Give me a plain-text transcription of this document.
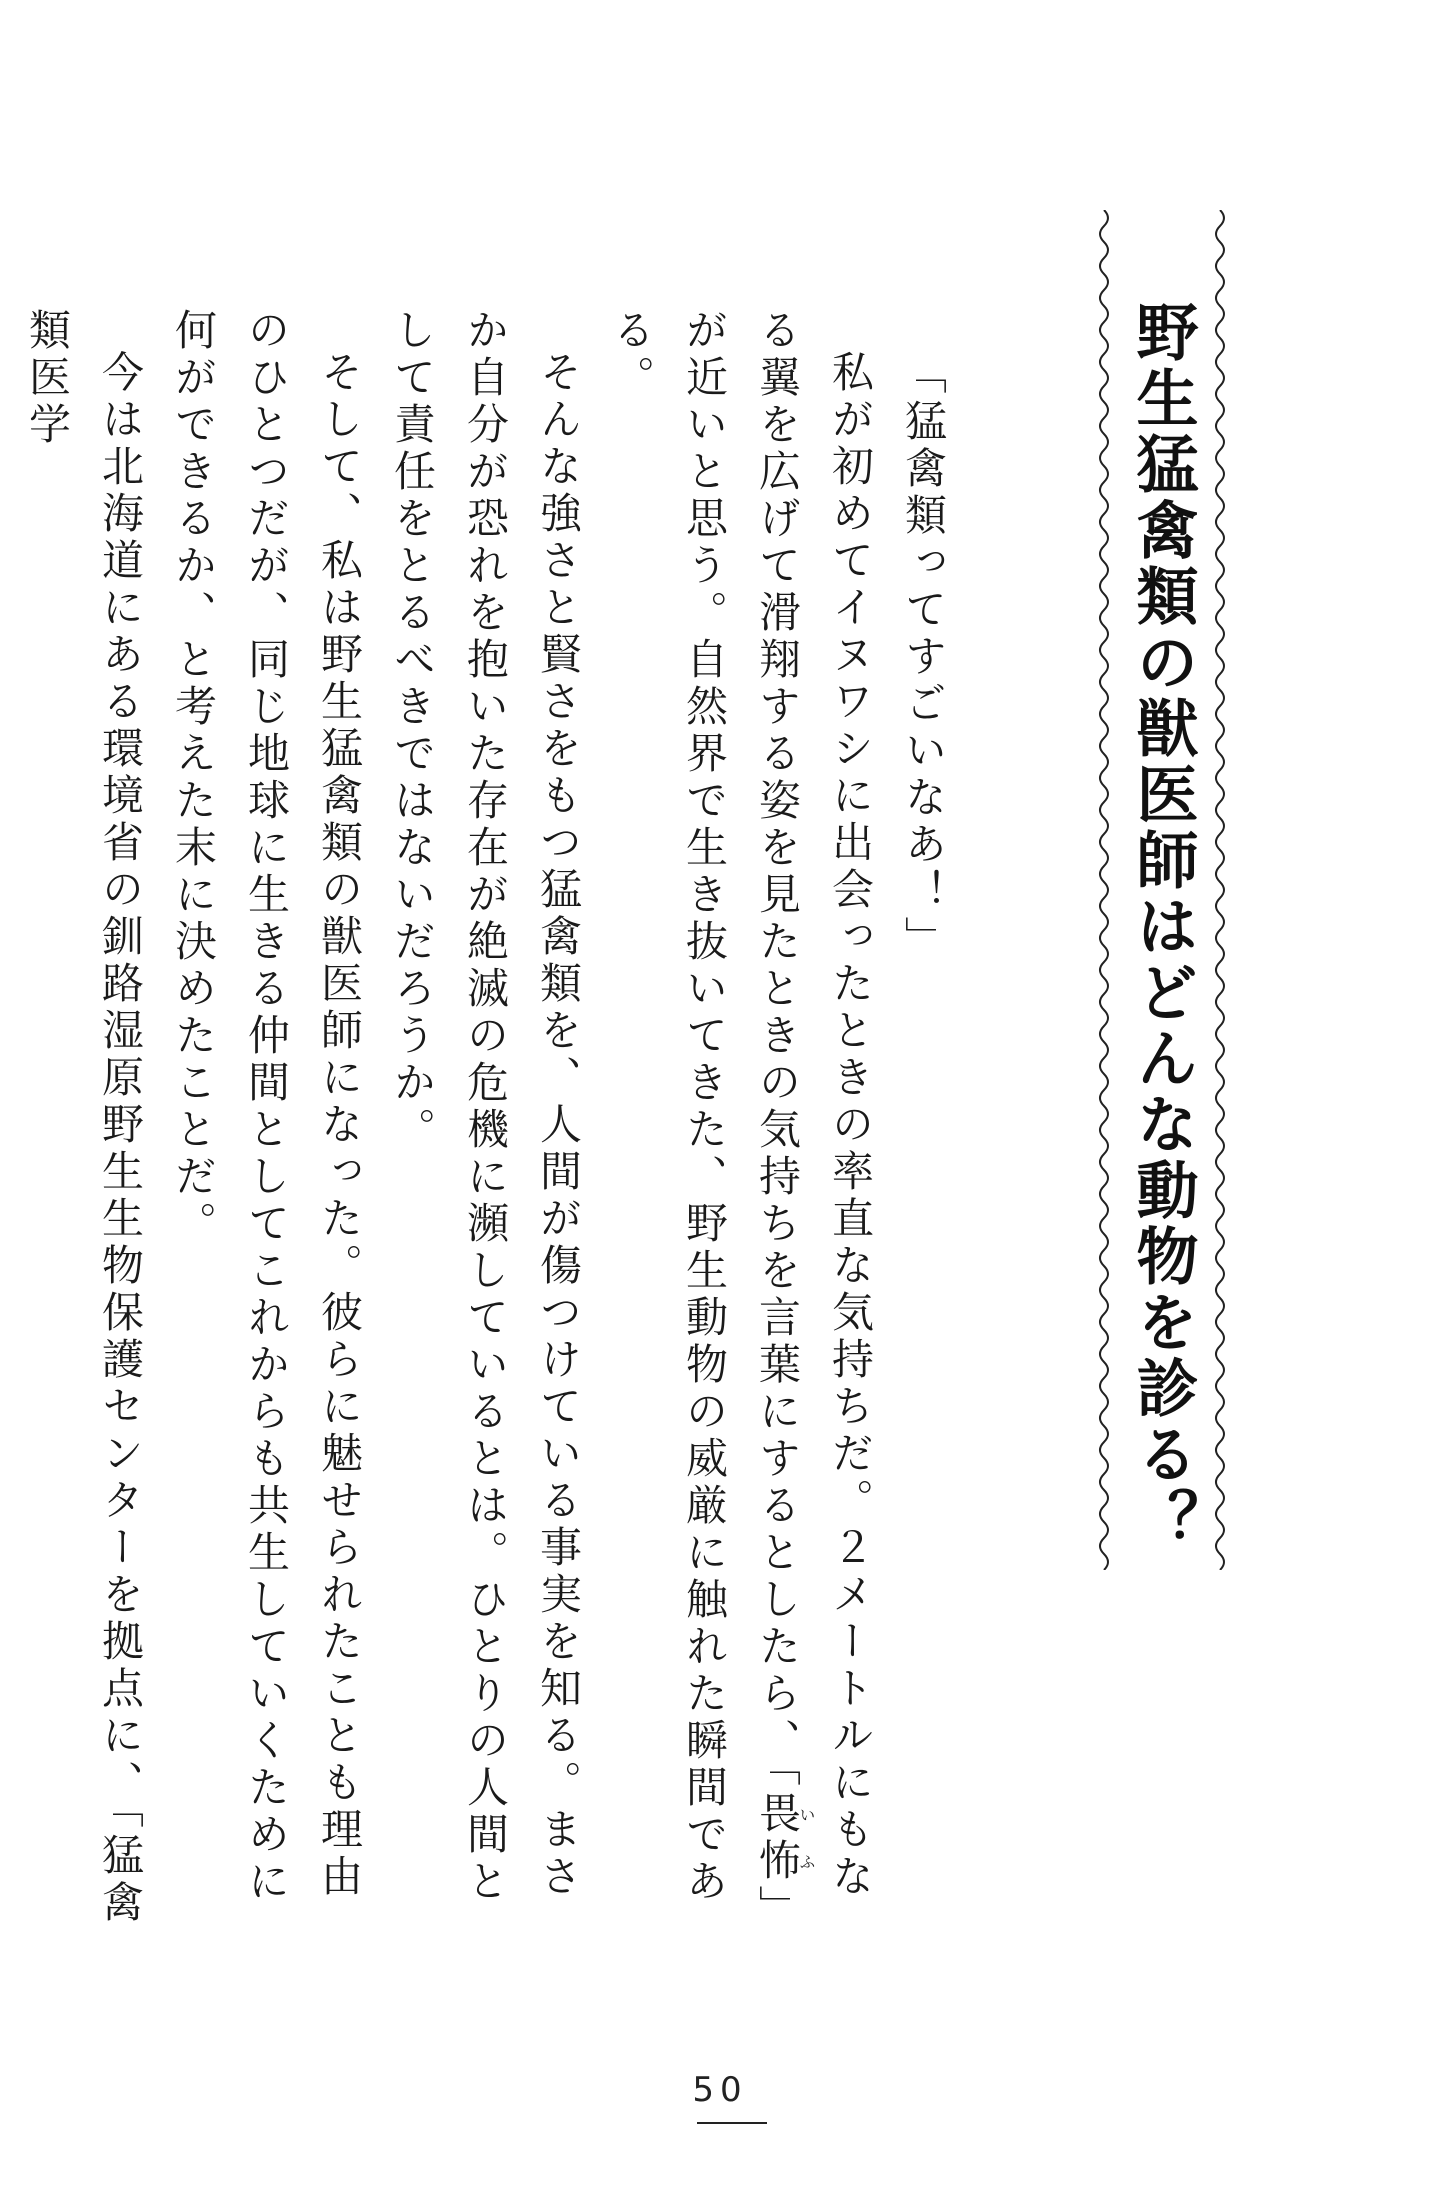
野生猛禽類の獣医師はどんな動物を診る？

「猛禽類ってすごいなあ！」

私が初めてイヌワシに出会ったときの率直な気持ちだ。２メートルにもなる翼を広げて滑翔する姿を見たときの気持ちを言葉にするとしたら、「畏怖いふ」が近いと思う。自然界で生き抜いてきた、野生動物の威厳に触れた瞬間である。

そんな強さと賢さをもつ猛禽類を、人間が傷つけている事実を知る。まさか自分が恐れを抱いた存在が絶滅の危機に瀕しているとは。ひとりの人間として責任をとるべきではないだろうか。

そして、私は野生猛禽類の獣医師になった。彼らに魅せられたことも理由のひとつだが、同じ地球に生きる仲間としてこれからも共生していくために何ができるか、と考えた末に決めたことだ。

今は北海道にある環境省の釧路湿原野生生物保護センターを拠点に、「猛禽類医学

50
